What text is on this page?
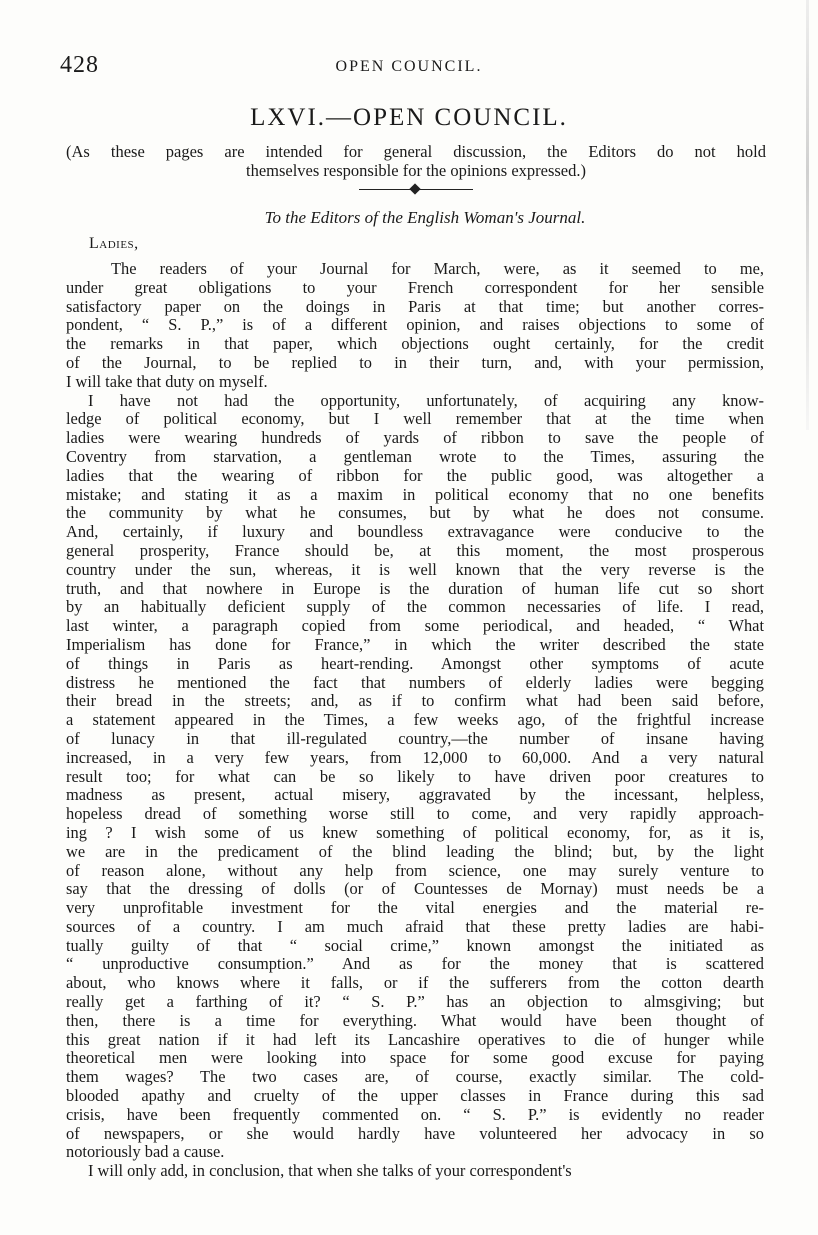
428	OPEN COUNCIL.
LXVI.—OPEN COUNCIL.
(As these pages are intended for general discussion, the Editors do not hold
themselves responsible for the opinions expressed.)
To the Editors of the English Woman's Journal.
Ladies,
The readers of your Journal for March, were, as it seemed to me,
under great obligations to your French correspondent for her sensible
satisfactory paper on the doings in Paris at that time; but another corres-
pondent, “ S. P.,” is of a different opinion, and raises objections to some of
the remarks in that paper, which objections ought certainly, for the credit
of the Journal, to be replied to in their turn, and, with your permission,
I will take that duty on myself.
I have not had the opportunity, unfortunately, of acquiring any know-
ledge of political economy, but I well remember that at the time when
ladies were wearing hundreds of yards of ribbon to save the people of
Coventry from starvation, a gentleman wrote to the Times, assuring the
ladies that the wearing of ribbon for the public good, was altogether a
mistake; and stating it as a maxim in political economy that no one benefits
the community by what he consumes, but by what he does not consume.
And, certainly, if luxury and boundless extravagance were conducive to the
general prosperity, France should be, at this moment, the most prosperous
country under the sun, whereas, it is well known that the very reverse is the
truth, and that nowhere in Europe is the duration of human life cut so short
by an habitually deficient supply of the common necessaries of life. I read,
last winter, a paragraph copied from some periodical, and headed, “ What
Imperialism has done for France,” in which the writer described the state
of things in Paris as heart-rending. Amongst other symptoms of acute
distress he mentioned the fact that numbers of elderly ladies were begging
their bread in the streets; and, as if to confirm what had been said before,
a statement appeared in the Times, a few weeks ago, of the frightful increase
of lunacy in that ill-regulated country,—the number of insane having
increased, in a very few years, from 12,000 to 60,000. And a very natural
result too; for what can be so likely to have driven poor creatures to
madness as present, actual misery, aggravated by the incessant, helpless,
hopeless dread of something worse still to come, and very rapidly approach-
ing ? I wish some of us knew something of political economy, for, as it is,
we are in the predicament of the blind leading the blind; but, by the light
of reason alone, without any help from science, one may surely venture to
say that the dressing of dolls (or of Countesses de Mornay) must needs be a
very unprofitable investment for the vital energies and the material re-
sources of a country. I am much afraid that these pretty ladies are habi-
tually guilty of that “ social crime,” known amongst the initiated as
“ unproductive consumption.” And as for the money that is scattered
about, who knows where it falls, or if the sufferers from the cotton dearth
really get a farthing of it? “ S. P.” has an objection to almsgiving; but
then, there is a time for everything. What would have been thought of
this great nation if it had left its Lancashire operatives to die of hunger while
theoretical men were looking into space for some good excuse for paying
them wages? The two cases are, of course, exactly similar. The cold-
blooded apathy and cruelty of the upper classes in France during this sad
crisis, have been frequently commented on. “ S. P.” is evidently no reader
of newspapers, or she would hardly have volunteered her advocacy in so
notoriously bad a cause.
I will only add, in conclusion, that when she talks of your correspondent's
